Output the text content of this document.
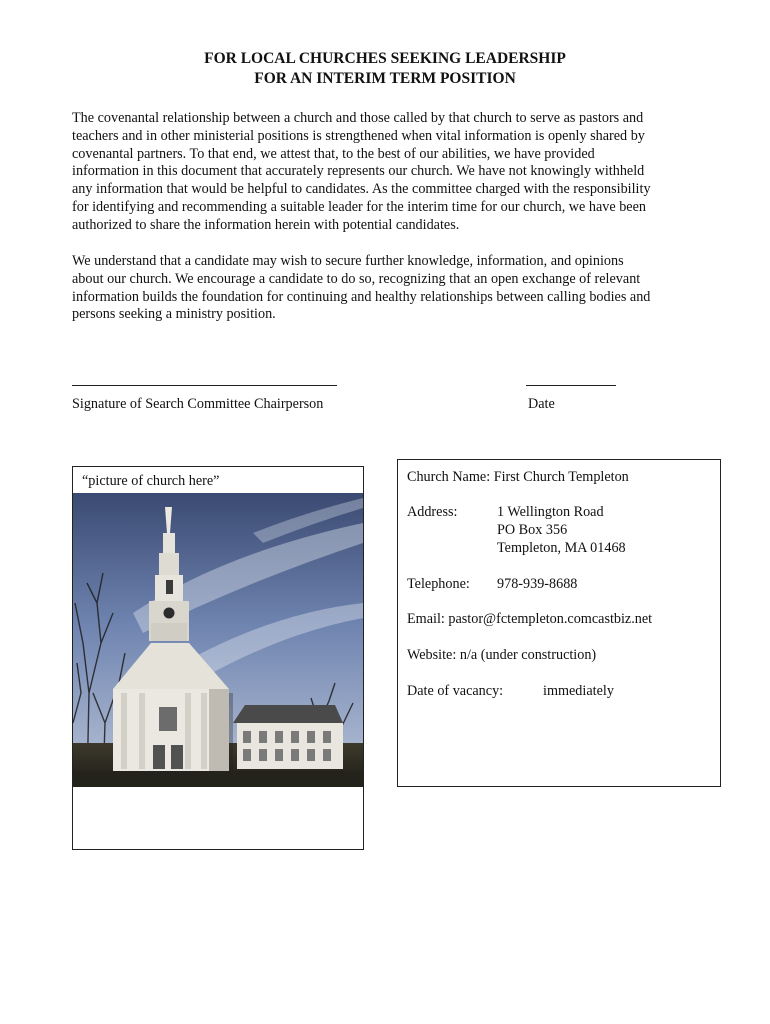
FOR LOCAL CHURCHES SEEKING LEADERSHIP
FOR AN INTERIM TERM POSITION
The covenantal relationship between a church and those called by that church to serve as pastors and
teachers and in other ministerial positions is strengthened when vital information is openly shared by
covenantal partners. To that end, we attest that, to the best of our abilities, we have provided
information in this document that accurately represents our church. We have not knowingly withheld
any information that would be helpful to candidates. As the committee charged with the responsibility
for identifying and recommending a suitable leader for the interim time for our church, we have been
authorized to share the information herein with potential candidates.
We understand that a candidate may wish to secure further knowledge, information, and opinions
about our church. We encourage a candidate to do so, recognizing that an open exchange of relevant
information builds the foundation for continuing and healthy relationships between calling bodies and
persons seeking a ministry position.
Signature of Search Committee Chairperson	Date
“picture of church here”	Church Name: First Church Templeton
Address:	1 Wellington Road
PO Box 356
Templeton, MA 01468
Telephone: 978-939-8688
Email: pastor@fctempleton.comcastbiz.net
Website: n/a (under construction)
Date of vacancy:	immediately
